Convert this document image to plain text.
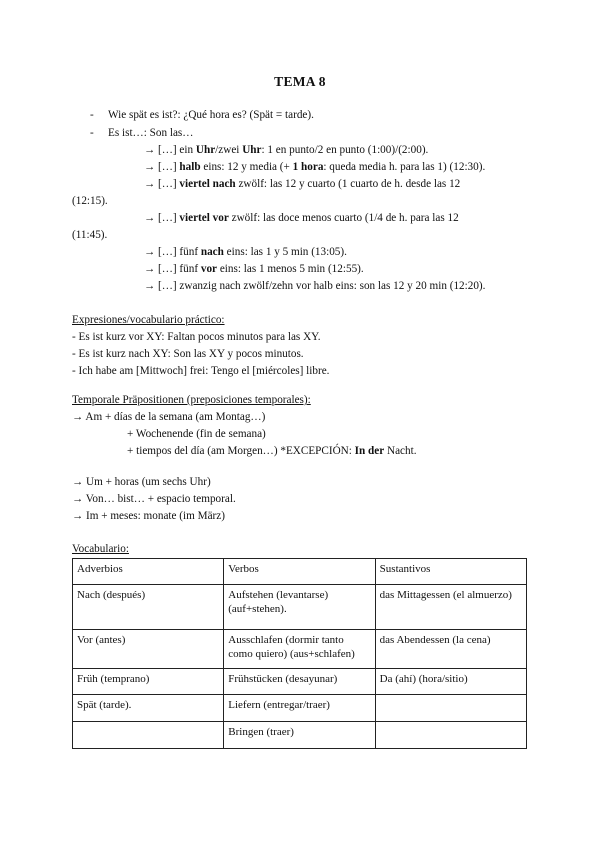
TEMA 8
- Wie spät es ist?: ¿Qué hora es? (Spät = tarde).
- Es ist…: Son las…
→ […] ein Uhr/zwei Uhr: 1 en punto/2 en punto (1:00)/(2:00).
→ […] halb eins: 12 y media (+ 1 hora: queda media h. para las 1) (12:30).
→ […] viertel nach zwölf: las 12 y cuarto (1 cuarto de h. desde las 12
(12:15).
→ […] viertel vor zwölf: las doce menos cuarto (1/4 de h. para las 12
(11:45).
→ […] fünf nach eins: las 1 y 5 min (13:05).
→ […] fünf vor eins: las 1 menos 5 min (12:55).
→ […] zwanzig nach zwölf/zehn vor halb eins: son las 12 y 20 min (12:20).
Expresiones/vocabulario práctico:
- Es ist kurz vor XY: Faltan pocos minutos para las XY.
- Es ist kurz nach XY: Son las XY y pocos minutos.
- Ich habe am [Mittwoch] frei: Tengo el [miércoles] libre.
Temporale Präpositionen (preposiciones temporales):
→ Am + días de la semana (am Montag…)
+ Wochenende (fin de semana)
+ tiempos del día (am Morgen…) *EXCEPCIÓN: In der Nacht.
→ Um + horas (um sechs Uhr)
→ Von… bist… + espacio temporal.
→ Im + meses: monate (im März)
Vocabulario:
Adverbios	Verbos	Sustantivos
Nach (después)	Aufstehen (levantarse) (auf+stehen).	das Mittagessen (el almuerzo)
Vor (antes)	Ausschlafen (dormir tanto como quiero) (aus+schlafen)	das Abendessen (la cena)
Früh (temprano)	Frühstücken (desayunar)	Da (ahí) (hora/sitio)
Spät (tarde).	Liefern (entregar/traer)	
	Bringen (traer)	
